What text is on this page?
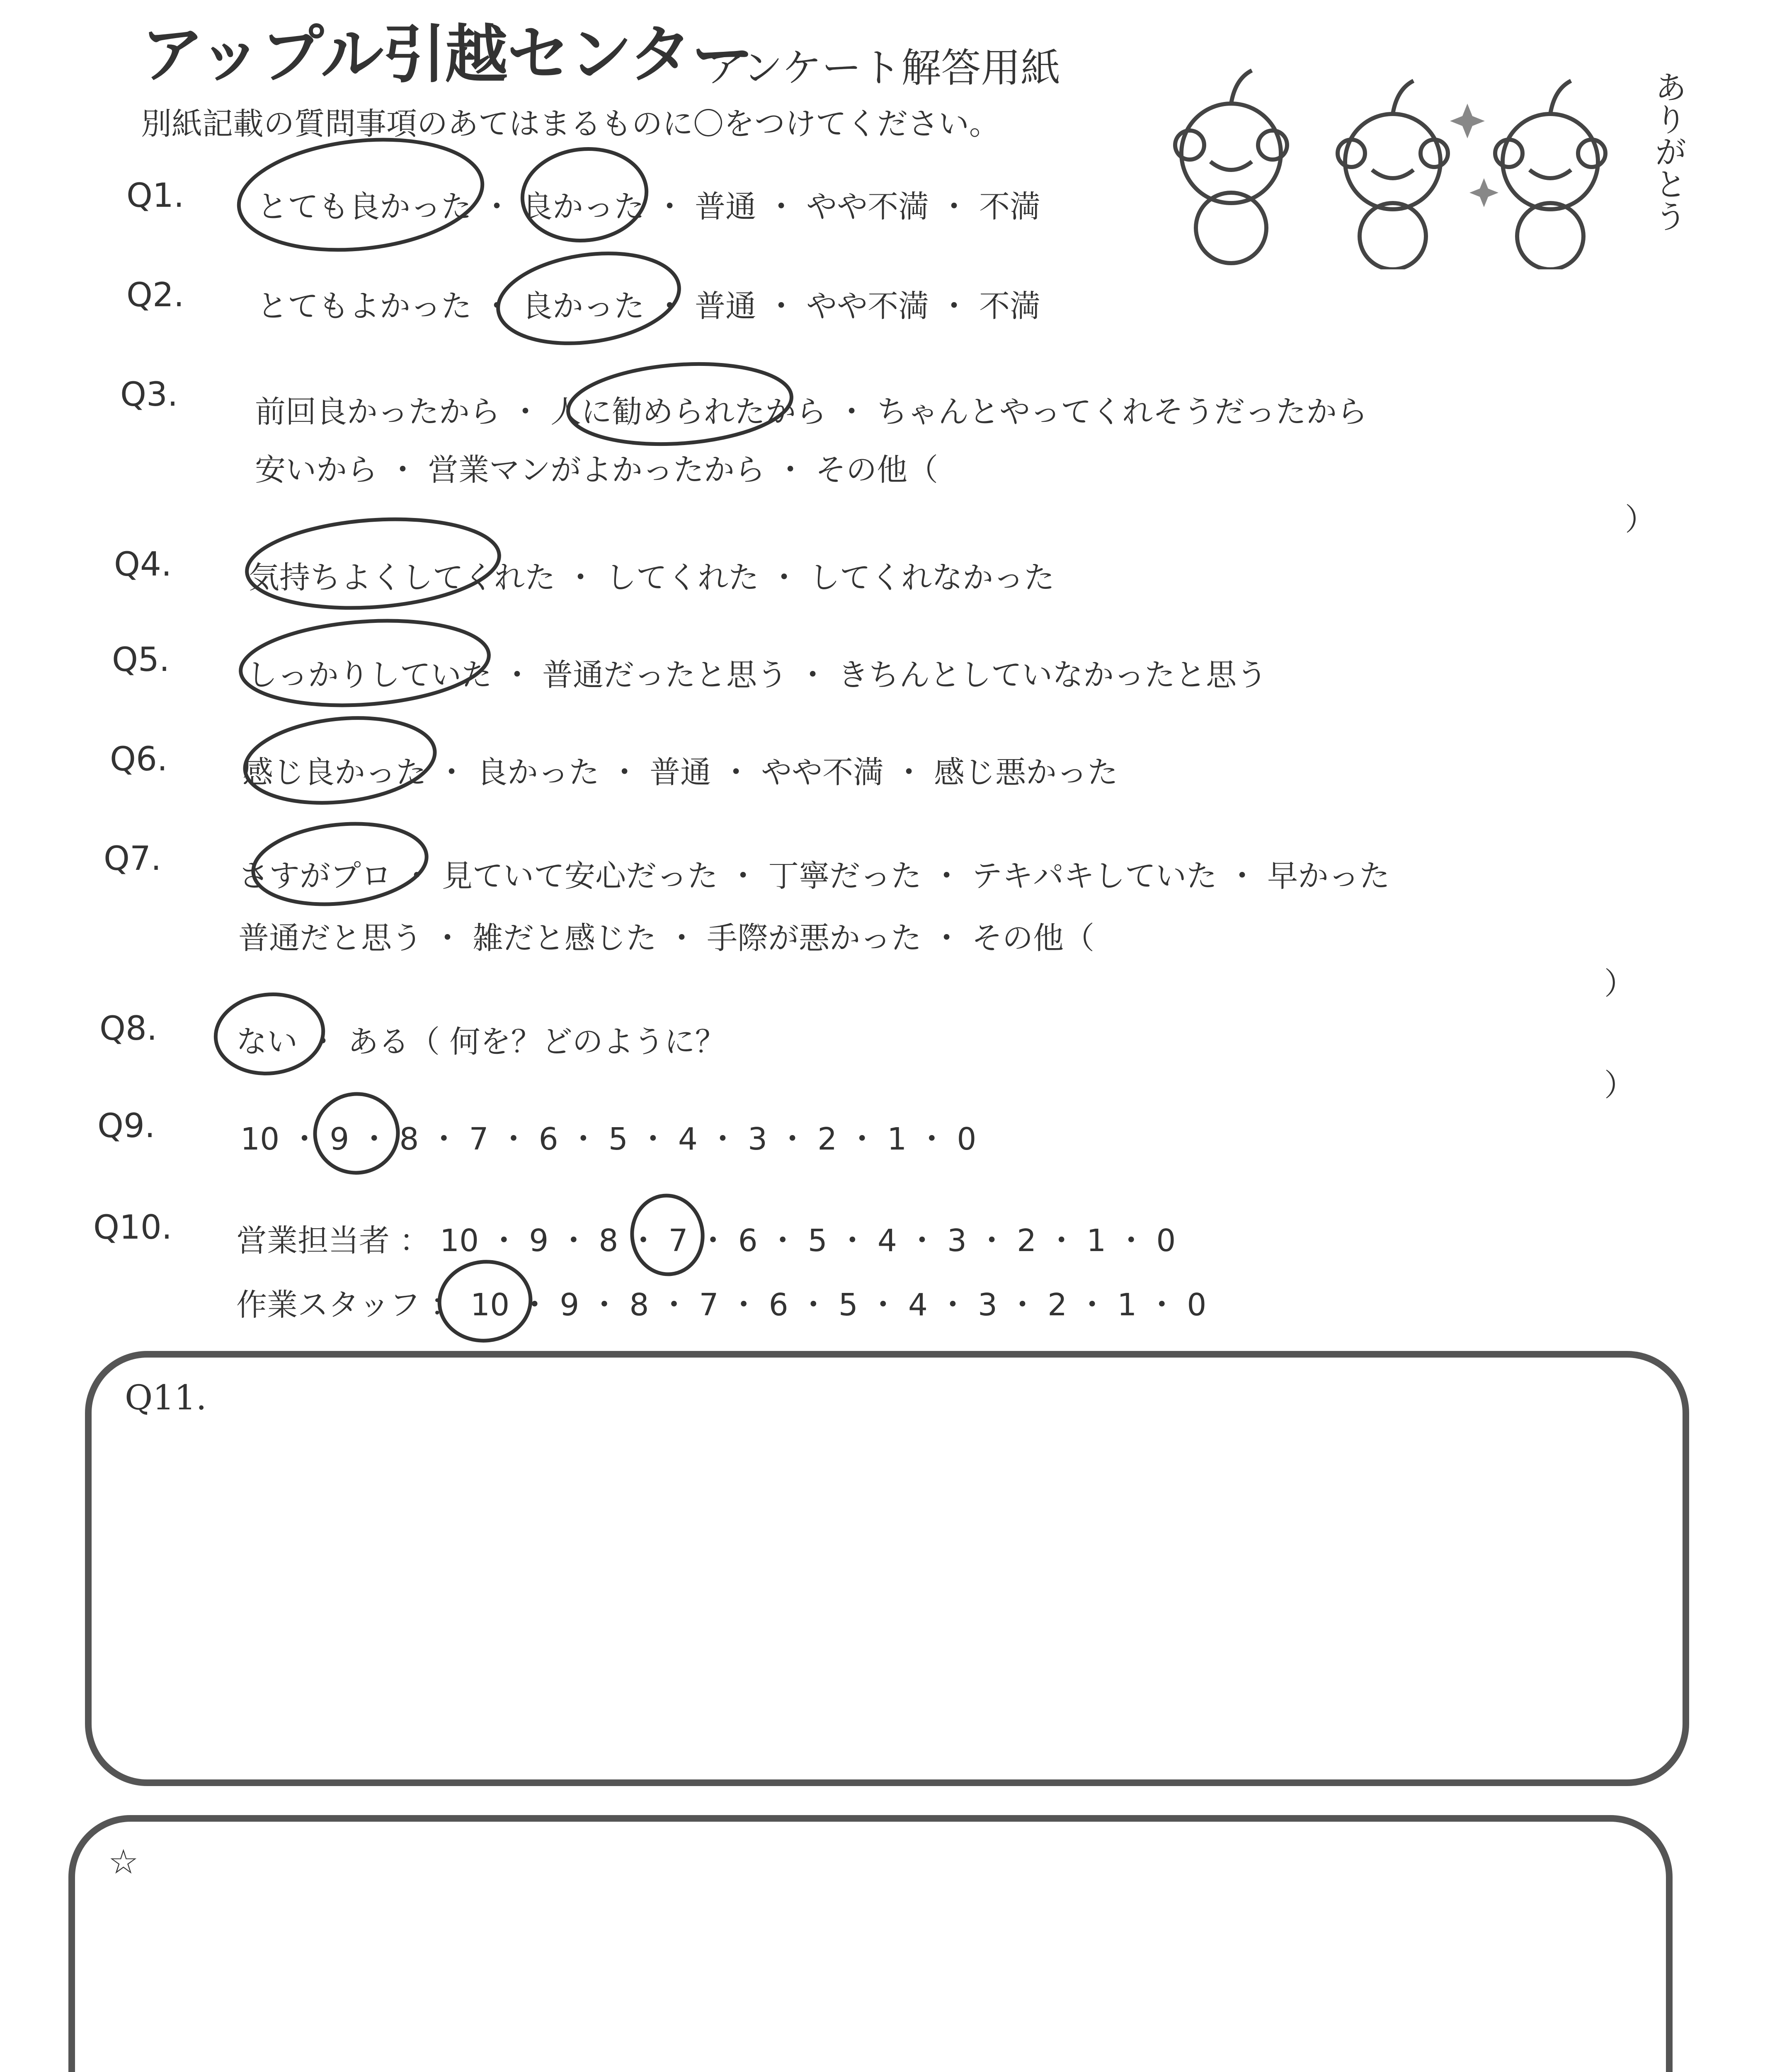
アップル引越センター
アンケート解答用紙
別紙記載の質問事項のあてはまるものに〇をつけてください。	ありがとう
Q1. とても良かった ・ 良かった ・ 普通 ・ やや不満 ・ 不満
Q2. とてもよかった ・ 良かった ・ 普通 ・ やや不満 ・ 不満
Q3.	前回良かったから ・ 人に勧められたから ・ ちゃんとやってくれそうだったから
安いから ・ 営業マンがよかったから ・ その他（
）
Q4.	気持ちよくしてくれた ・ してくれた ・ してくれなかった
Q5.	しっかりしていた ・ 普通だったと思う ・ きちんとしていなかったと思う
Q6. 感じ良かった ・ 良かった ・ 普通 ・ やや不満 ・ 感じ悪かった
Q7.	さすがプロ ・ 見ていて安心だった ・ 丁寧だった ・ テキパキしていた ・ 早かった
普通だと思う ・ 雑だと感じた ・ 手際が悪かった ・ その他（
）
Q8.	ない ・ ある（ 何を？どのように？
）
Q9.	10 ・ 9 ・ 8 ・ 7 ・ 6 ・ 5 ・ 4 ・ 3 ・ 2 ・ 1 ・ 0
Q10. 営業担当者 ： 10 ・ 9 ・ 8 ・ 7 ・ 6 ・ 5 ・ 4 ・ 3 ・ 2 ・ 1 ・ 0
作業スタッフ ： 10 ・ 9 ・ 8 ・ 7 ・ 6 ・ 5 ・ 4 ・ 3 ・ 2 ・ 1 ・ 0
Q11.
☆
